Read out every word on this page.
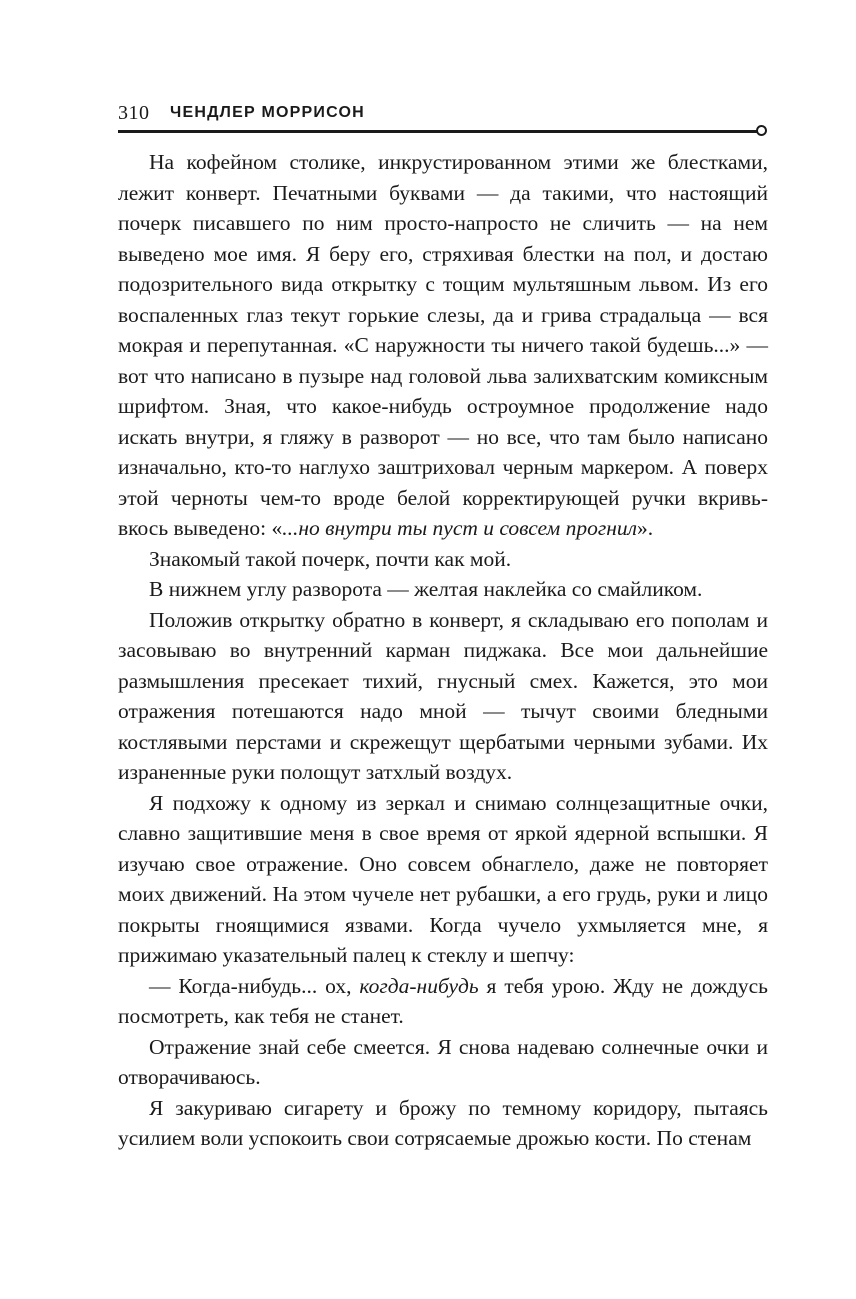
310 ЧЕНДЛЕР МОРРИСОН

На кофейном столике, инкрустированном этими же блестками, лежит конверт. Печатными буквами — да такими, что настоящий почерк писавшего по ним просто-напросто не сличить — на нем выведено мое имя. Я беру его, стряхивая блестки на пол, и достаю подозрительного вида открытку с тощим мультяшным львом. Из его воспаленных глаз текут горькие слезы, да и грива страдальца — вся мокрая и перепутанная. «С наружности ты ничего такой будешь...» — вот что написано в пузыре над головой льва залихватским комиксным шрифтом. Зная, что какое-нибудь остроумное продолжение надо искать внутри, я гляжу в разворот — но все, что там было написано изначально, кто-то наглухо заштриховал черным маркером. А поверх этой черноты чем-то вроде белой корректирующей ручки вкривь-вкось выведено: «...но внутри ты пуст и совсем прогнил».

Знакомый такой почерк, почти как мой.

В нижнем углу разворота — желтая наклейка со смайликом.

Положив открытку обратно в конверт, я складываю его пополам и засовываю во внутренний карман пиджака. Все мои дальнейшие размышления пресекает тихий, гнусный смех. Кажется, это мои отражения потешаются надо мной — тычут своими бледными костлявыми перстами и скрежещут щербатыми черными зубами. Их израненные руки полощут затхлый воздух.

Я подхожу к одному из зеркал и снимаю солнцезащитные очки, славно защитившие меня в свое время от яркой ядерной вспышки. Я изучаю свое отражение. Оно совсем обнаглело, даже не повторяет моих движений. На этом чучеле нет рубашки, а его грудь, руки и лицо покрыты гноящимися язвами. Когда чучело ухмыляется мне, я прижимаю указательный палец к стеклу и шепчу:

— Когда-нибудь... ох, когда-нибудь я тебя урою. Жду не дождусь посмотреть, как тебя не станет.

Отражение знай себе смеется. Я снова надеваю солнечные очки и отворачиваюсь.

Я закуриваю сигарету и брожу по темному коридору, пытаясь усилием воли успокоить свои сотрясаемые дрожью кости. По стенам
